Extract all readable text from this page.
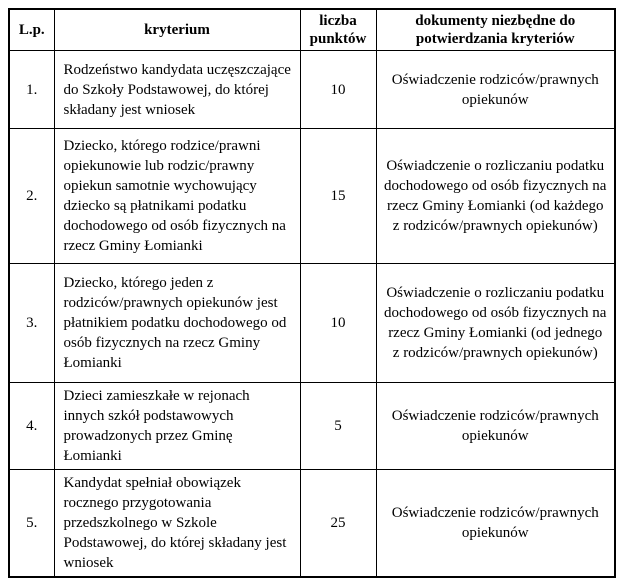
L.p.	kryterium	liczba punktów	dokumenty niezbędne do potwierdzania kryteriów
1.	Rodzeństwo kandydata uczęszczające do Szkoły Podstawowej, do której składany jest wniosek	10	Oświadczenie rodziców/prawnych opiekunów
2.	Dziecko, którego rodzice/prawni opiekunowie lub rodzic/prawny opiekun samotnie wychowujący dziecko są płatnikami podatku dochodowego od osób fizycznych na rzecz Gminy Łomianki	15	Oświadczenie o rozliczaniu podatku dochodowego od osób fizycznych na rzecz Gminy Łomianki (od każdego z rodziców/prawnych opiekunów)
3.	Dziecko, którego jeden z rodziców/prawnych opiekunów jest płatnikiem podatku dochodowego od osób fizycznych na rzecz Gminy Łomianki	10	Oświadczenie o rozliczaniu podatku dochodowego od osób fizycznych na rzecz Gminy Łomianki (od jednego z rodziców/prawnych opiekunów)
4.	Dzieci zamieszkałe w rejonach innych szkół podstawowych prowadzonych przez Gminę Łomianki	5	Oświadczenie rodziców/prawnych opiekunów
5.	Kandydat spełniał obowiązek rocznego przygotowania przedszkolnego w Szkole Podstawowej, do której składany jest wniosek	25	Oświadczenie rodziców/prawnych opiekunów
